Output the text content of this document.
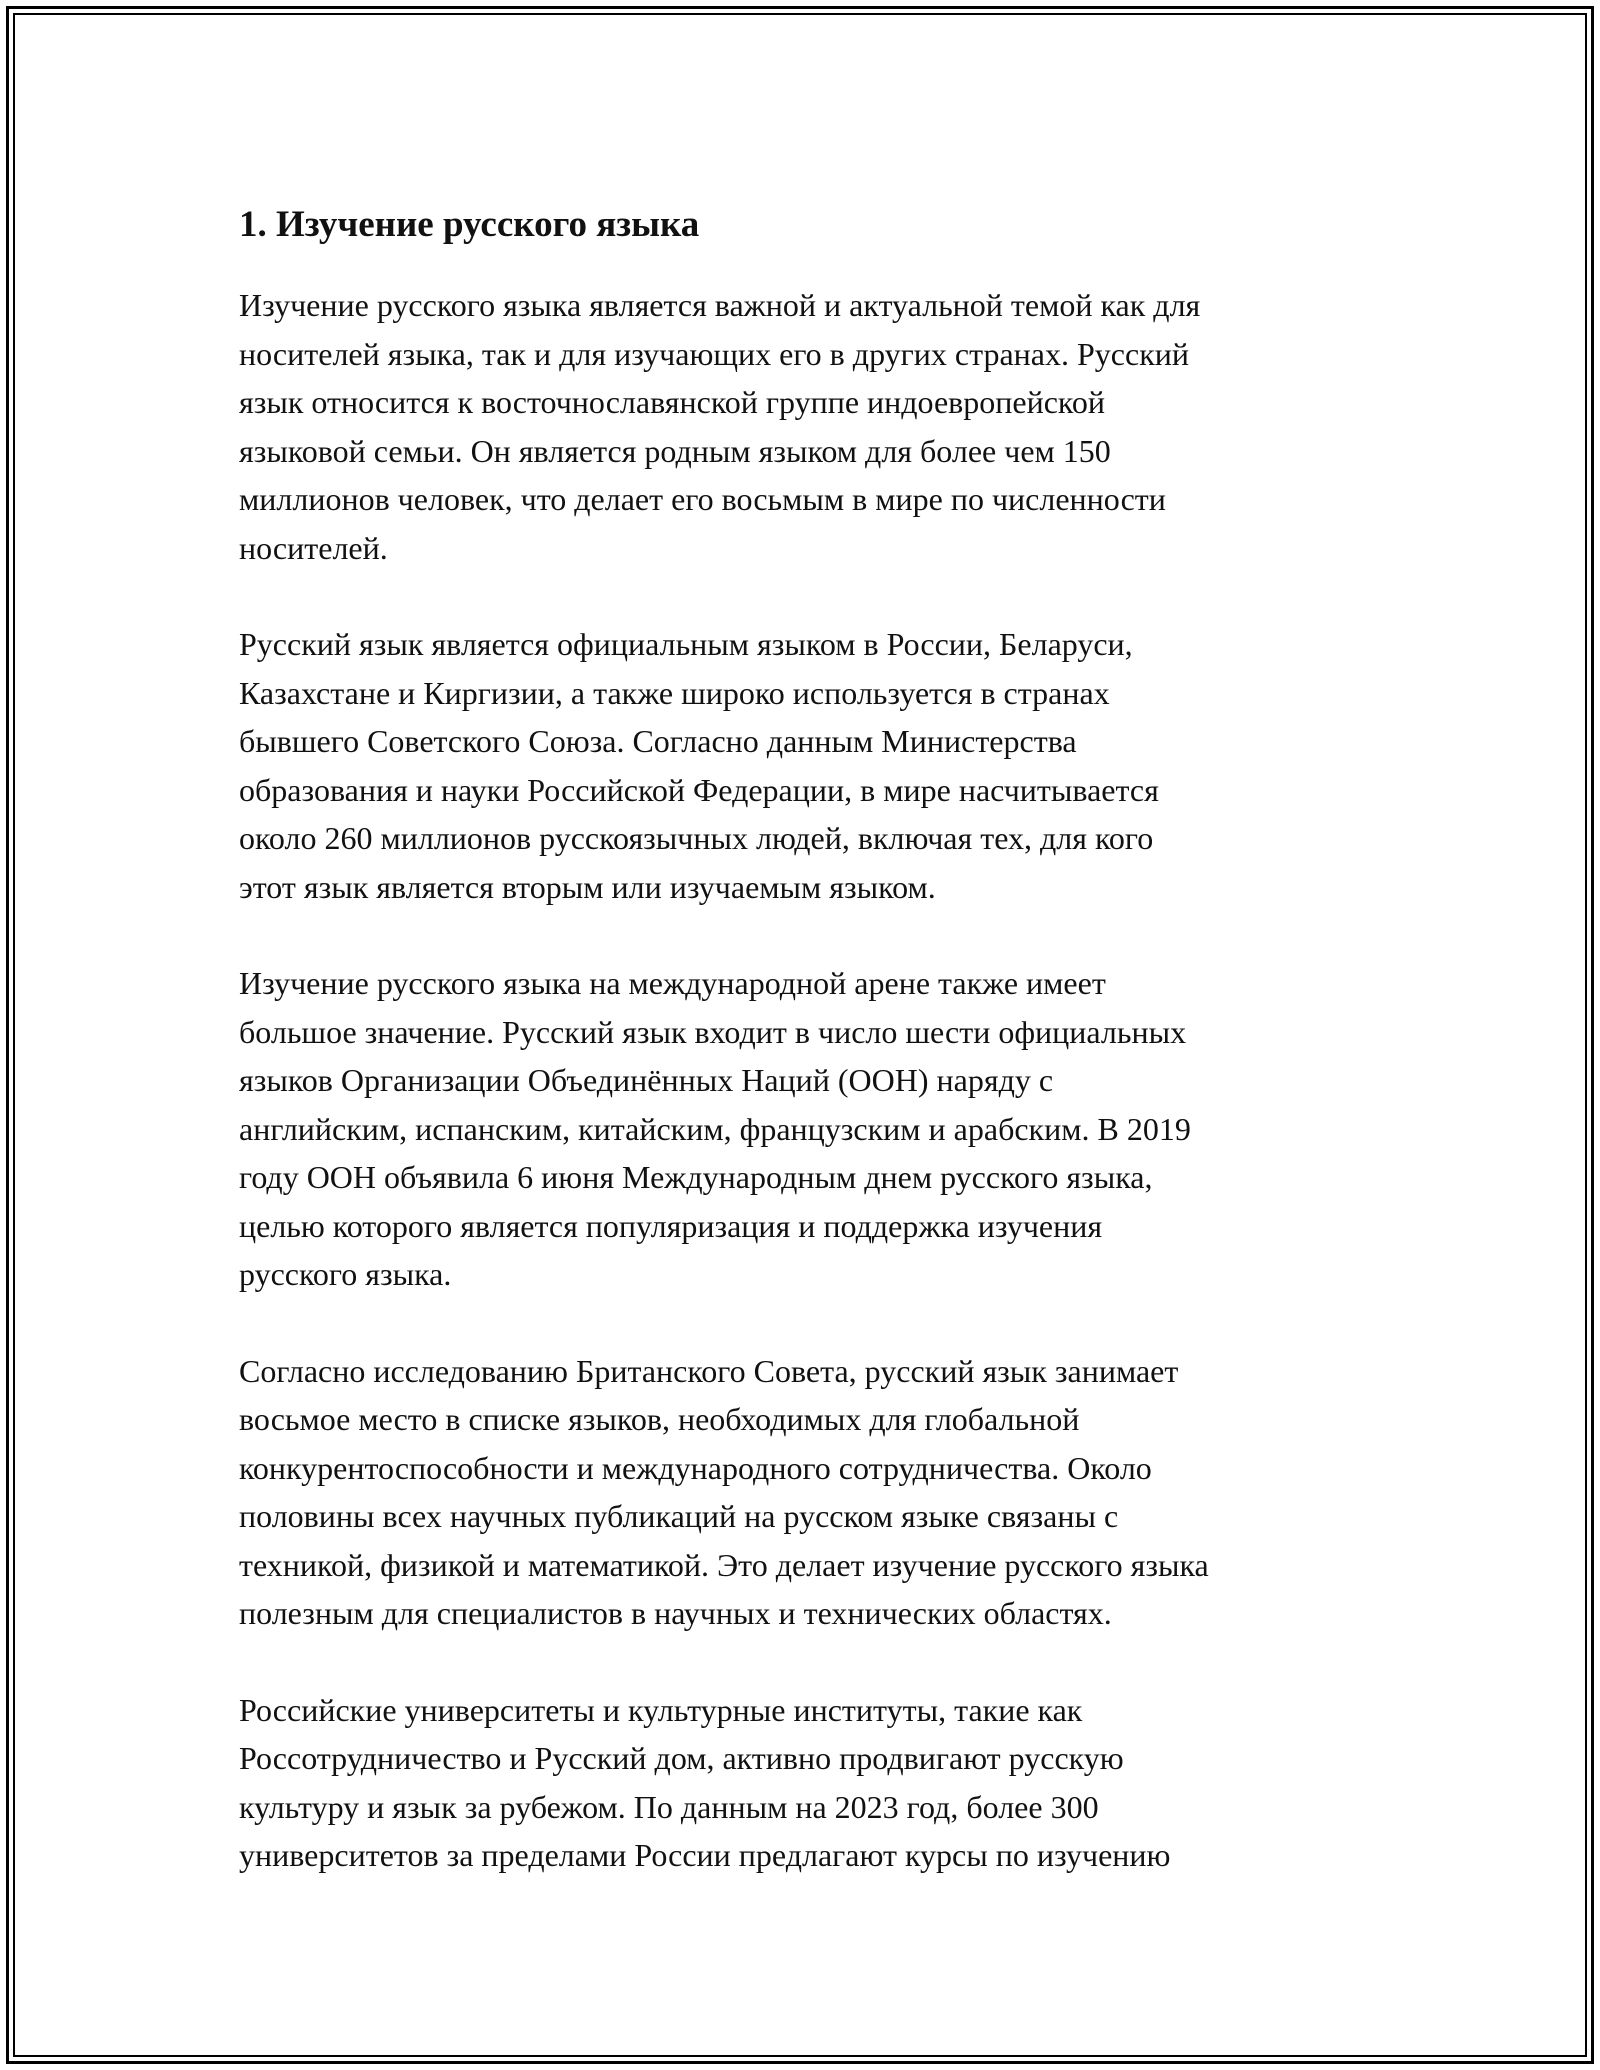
1. Изучение русского языка

Изучение русского языка является важной и актуальной темой как для
носителей языка, так и для изучающих его в других странах. Русский
язык относится к восточнославянской группе индоевропейской
языковой семьи. Он является родным языком для более чем 150
миллионов человек, что делает его восьмым в мире по численности
носителей.

Русский язык является официальным языком в России, Беларуси,
Казахстане и Киргизии, а также широко используется в странах
бывшего Советского Союза. Согласно данным Министерства
образования и науки Российской Федерации, в мире насчитывается
около 260 миллионов русскоязычных людей, включая тех, для кого
этот язык является вторым или изучаемым языком.

Изучение русского языка на международной арене также имеет
большое значение. Русский язык входит в число шести официальных
языков Организации Объединённых Наций (ООН) наряду с
английским, испанским, китайским, французским и арабским. В 2019
году ООН объявила 6 июня Международным днем русского языка,
целью которого является популяризация и поддержка изучения
русского языка.

Согласно исследованию Британского Совета, русский язык занимает
восьмое место в списке языков, необходимых для глобальной
конкурентоспособности и международного сотрудничества. Около
половины всех научных публикаций на русском языке связаны с
техникой, физикой и математикой. Это делает изучение русского языка
полезным для специалистов в научных и технических областях.

Российские университеты и культурные институты, такие как
Россотрудничество и Русский дом, активно продвигают русскую
культуру и язык за рубежом. По данным на 2023 год, более 300
университетов за пределами России предлагают курсы по изучению
